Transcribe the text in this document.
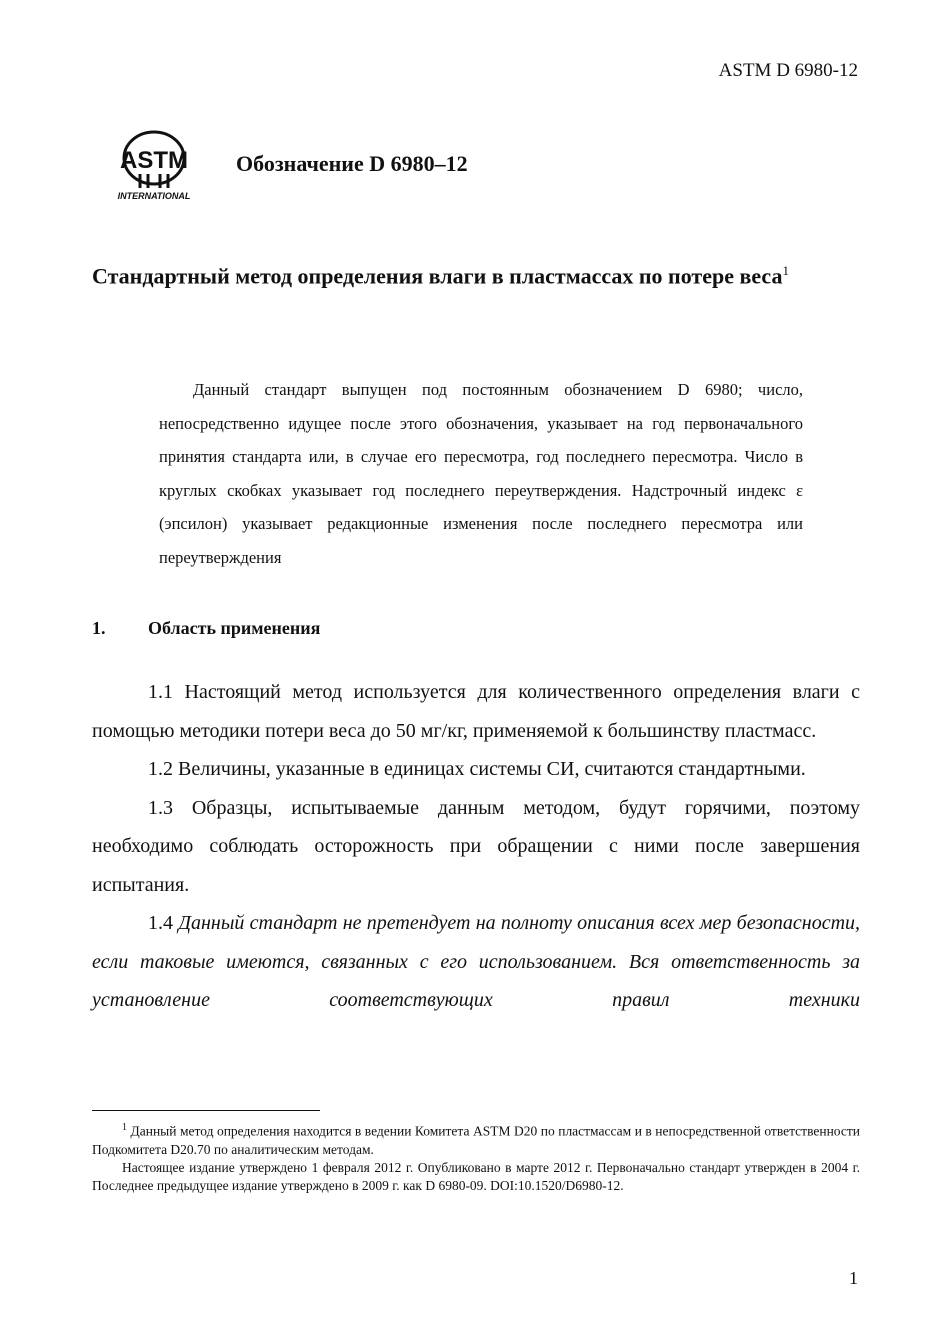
ASTM D 6980-12
ASTM
INTERNATIONAL
Обозначение D 6980–12
Стандартный метод определения влаги в пластмассах по потере веса$^1$
Данный стандарт выпущен под постоянным обозначением D 6980; число, непосредственно идущее после этого обозначения, указывает на год первоначального принятия стандарта или, в случае его пересмотра, год последнего пересмотра. Число в круглых скобках указывает год последнего переутверждения. Надстрочный индекс ε (эпсилон) указывает редакционные изменения после последнего пересмотра или переутверждения
1. Область применения

1.1 Настоящий метод используется для количественного определения влаги с помощью методики потери веса до 50 мг/кг, применяемой к большинству пластмасс.

1.2 Величины, указанные в единицах системы СИ, считаются стандартными.

1.3 Образцы, испытываемые данным методом, будут горячими, поэтому необходимо соблюдать осторожность при обращении с ними после завершения испытания.

1.4 Данный стандарт не претендует на полноту описания всех мер безопасности, если таковые имеются, связанных с его использованием. Вся ответственность за установление соответствующих правил техники

$^1$ Данный метод определения находится в ведении Комитета ASTM D20 по пластмассам и в непосредственной ответственности Подкомитета D20.70 по аналитическим методам.

Настоящее издание утверждено 1 февраля 2012 г. Опубликовано в марте 2012 г. Первоначально стандарт утвержден в 2004 г. Последнее предыдущее издание утверждено в 2009 г. как D 6980-09. DOI:10.1520/D6980-12.

1
